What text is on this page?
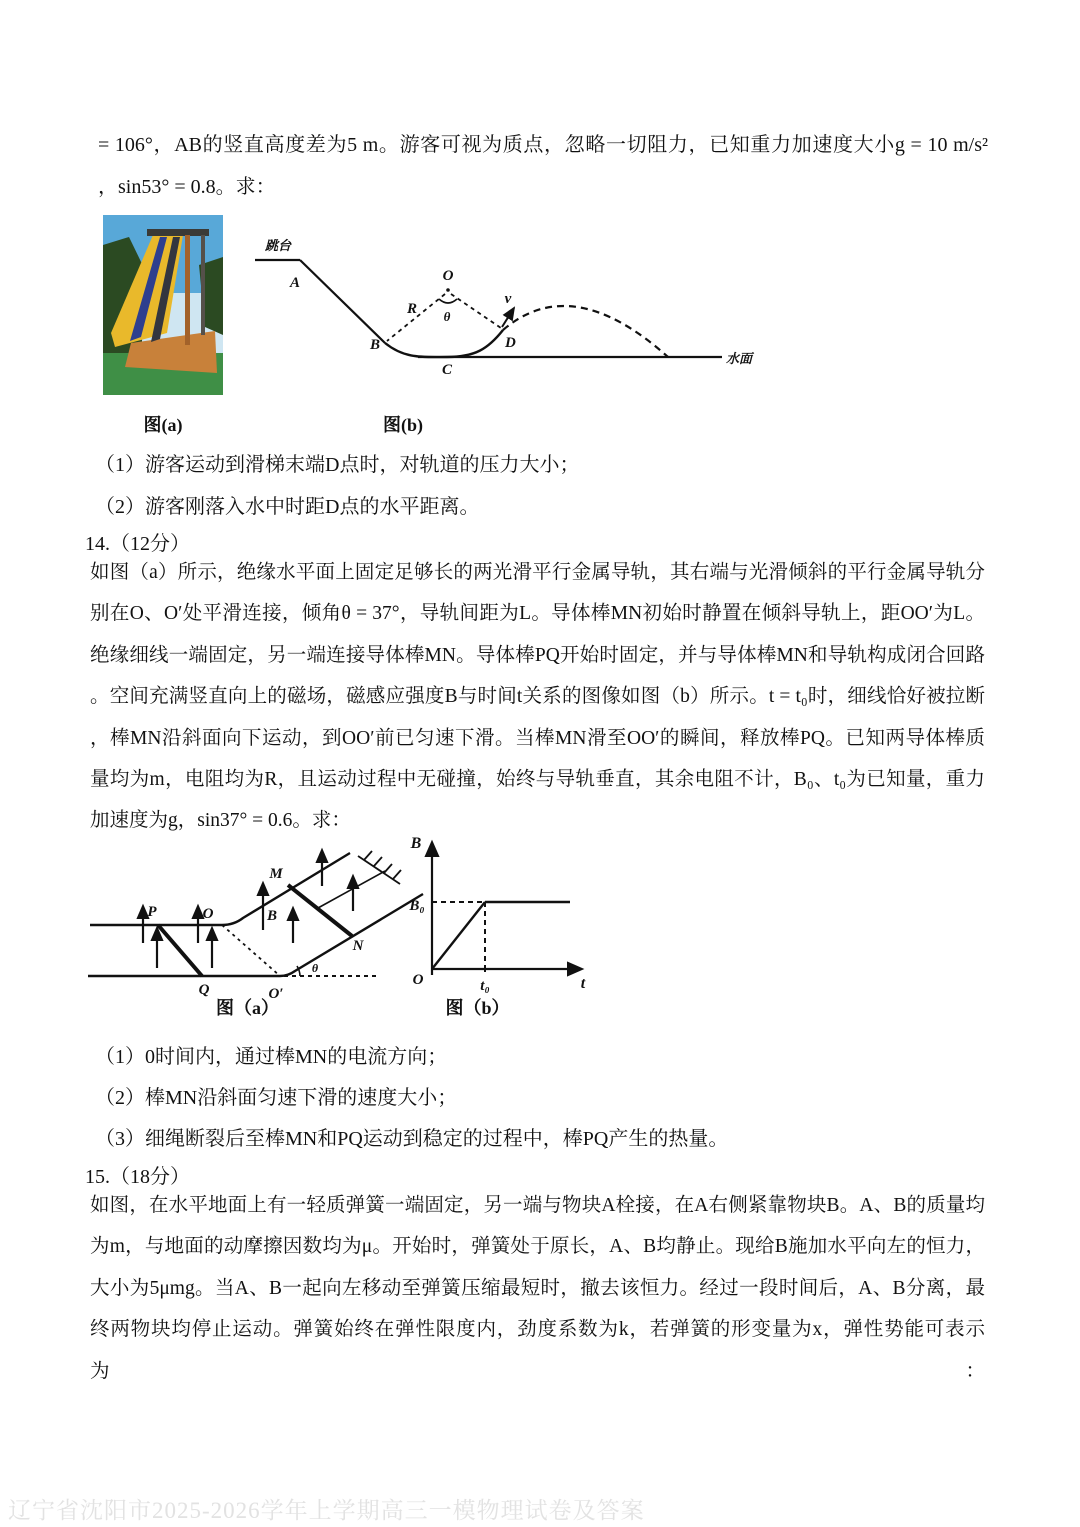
= 106°，AB的竖直高度差为5 m。游客可视为质点，忽略一切阻力，已知重力加速度大小g = 10 m/s²
，sin53° = 0.8。求：
图(a)
跳台
水面
O
θ
R
A
B
C
D
v
图(b)
（1）游客运动到滑梯末端D点时，对轨道的压力大小；
（2）游客刚落入水中时距D点的水平距离。
14.（12分）
如图（a）所示，绝缘水平面上固定足够长的两光滑平行金属导轨，其右端与光滑倾斜的平行金属导轨分
别在O、O′处平滑连接，倾角θ = 37°，导轨间距为L。导体棒MN初始时静置在倾斜导轨上，距OO′为L。
绝缘细线一端固定，另一端连接导体棒MN。导体棒PQ开始时固定，并与导体棒MN和导轨构成闭合回路
。空间充满竖直向上的磁场，磁感应强度B与时间t关系的图像如图（b）所示。t = t₀时，细线恰好被拉断
，棒MN沿斜面向下运动，到OO′前已匀速下滑。当棒MN滑至OO′的瞬间，释放棒PQ。已知两导体棒质
量均为m，电阻均为R，且运动过程中无碰撞，始终与导轨垂直，其余电阻不计，B₀、t₀为已知量，重力
加速度为g，sin37° = 0.6。求：
θ
P
Q
O
O′
M
N
B
B
t
B₀
t₀
O
图（a）	图（b）
（1）0时间内，通过棒MN的电流方向；
（2）棒MN沿斜面匀速下滑的速度大小；
（3）细绳断裂后至棒MN和PQ运动到稳定的过程中，棒PQ产生的热量。
15.（18分）
如图，在水平地面上有一轻质弹簧一端固定，另一端与物块A栓接，在A右侧紧靠物块B。A、B的质量均
为m，与地面的动摩擦因数均为μ。开始时，弹簧处于原长，A、B均静止。现给B施加水平向左的恒力，
大小为5μmg。当A、B一起向左移动至弹簧压缩最短时，撤去该恒力。经过一段时间后，A、B分离，最
终两物块均停止运动。弹簧始终在弹性限度内，劲度系数为k，若弹簧的形变量为x，弹性势能可表示为：
辽宁省沈阳市2025-2026学年上学期高三一模物理试卷及答案
